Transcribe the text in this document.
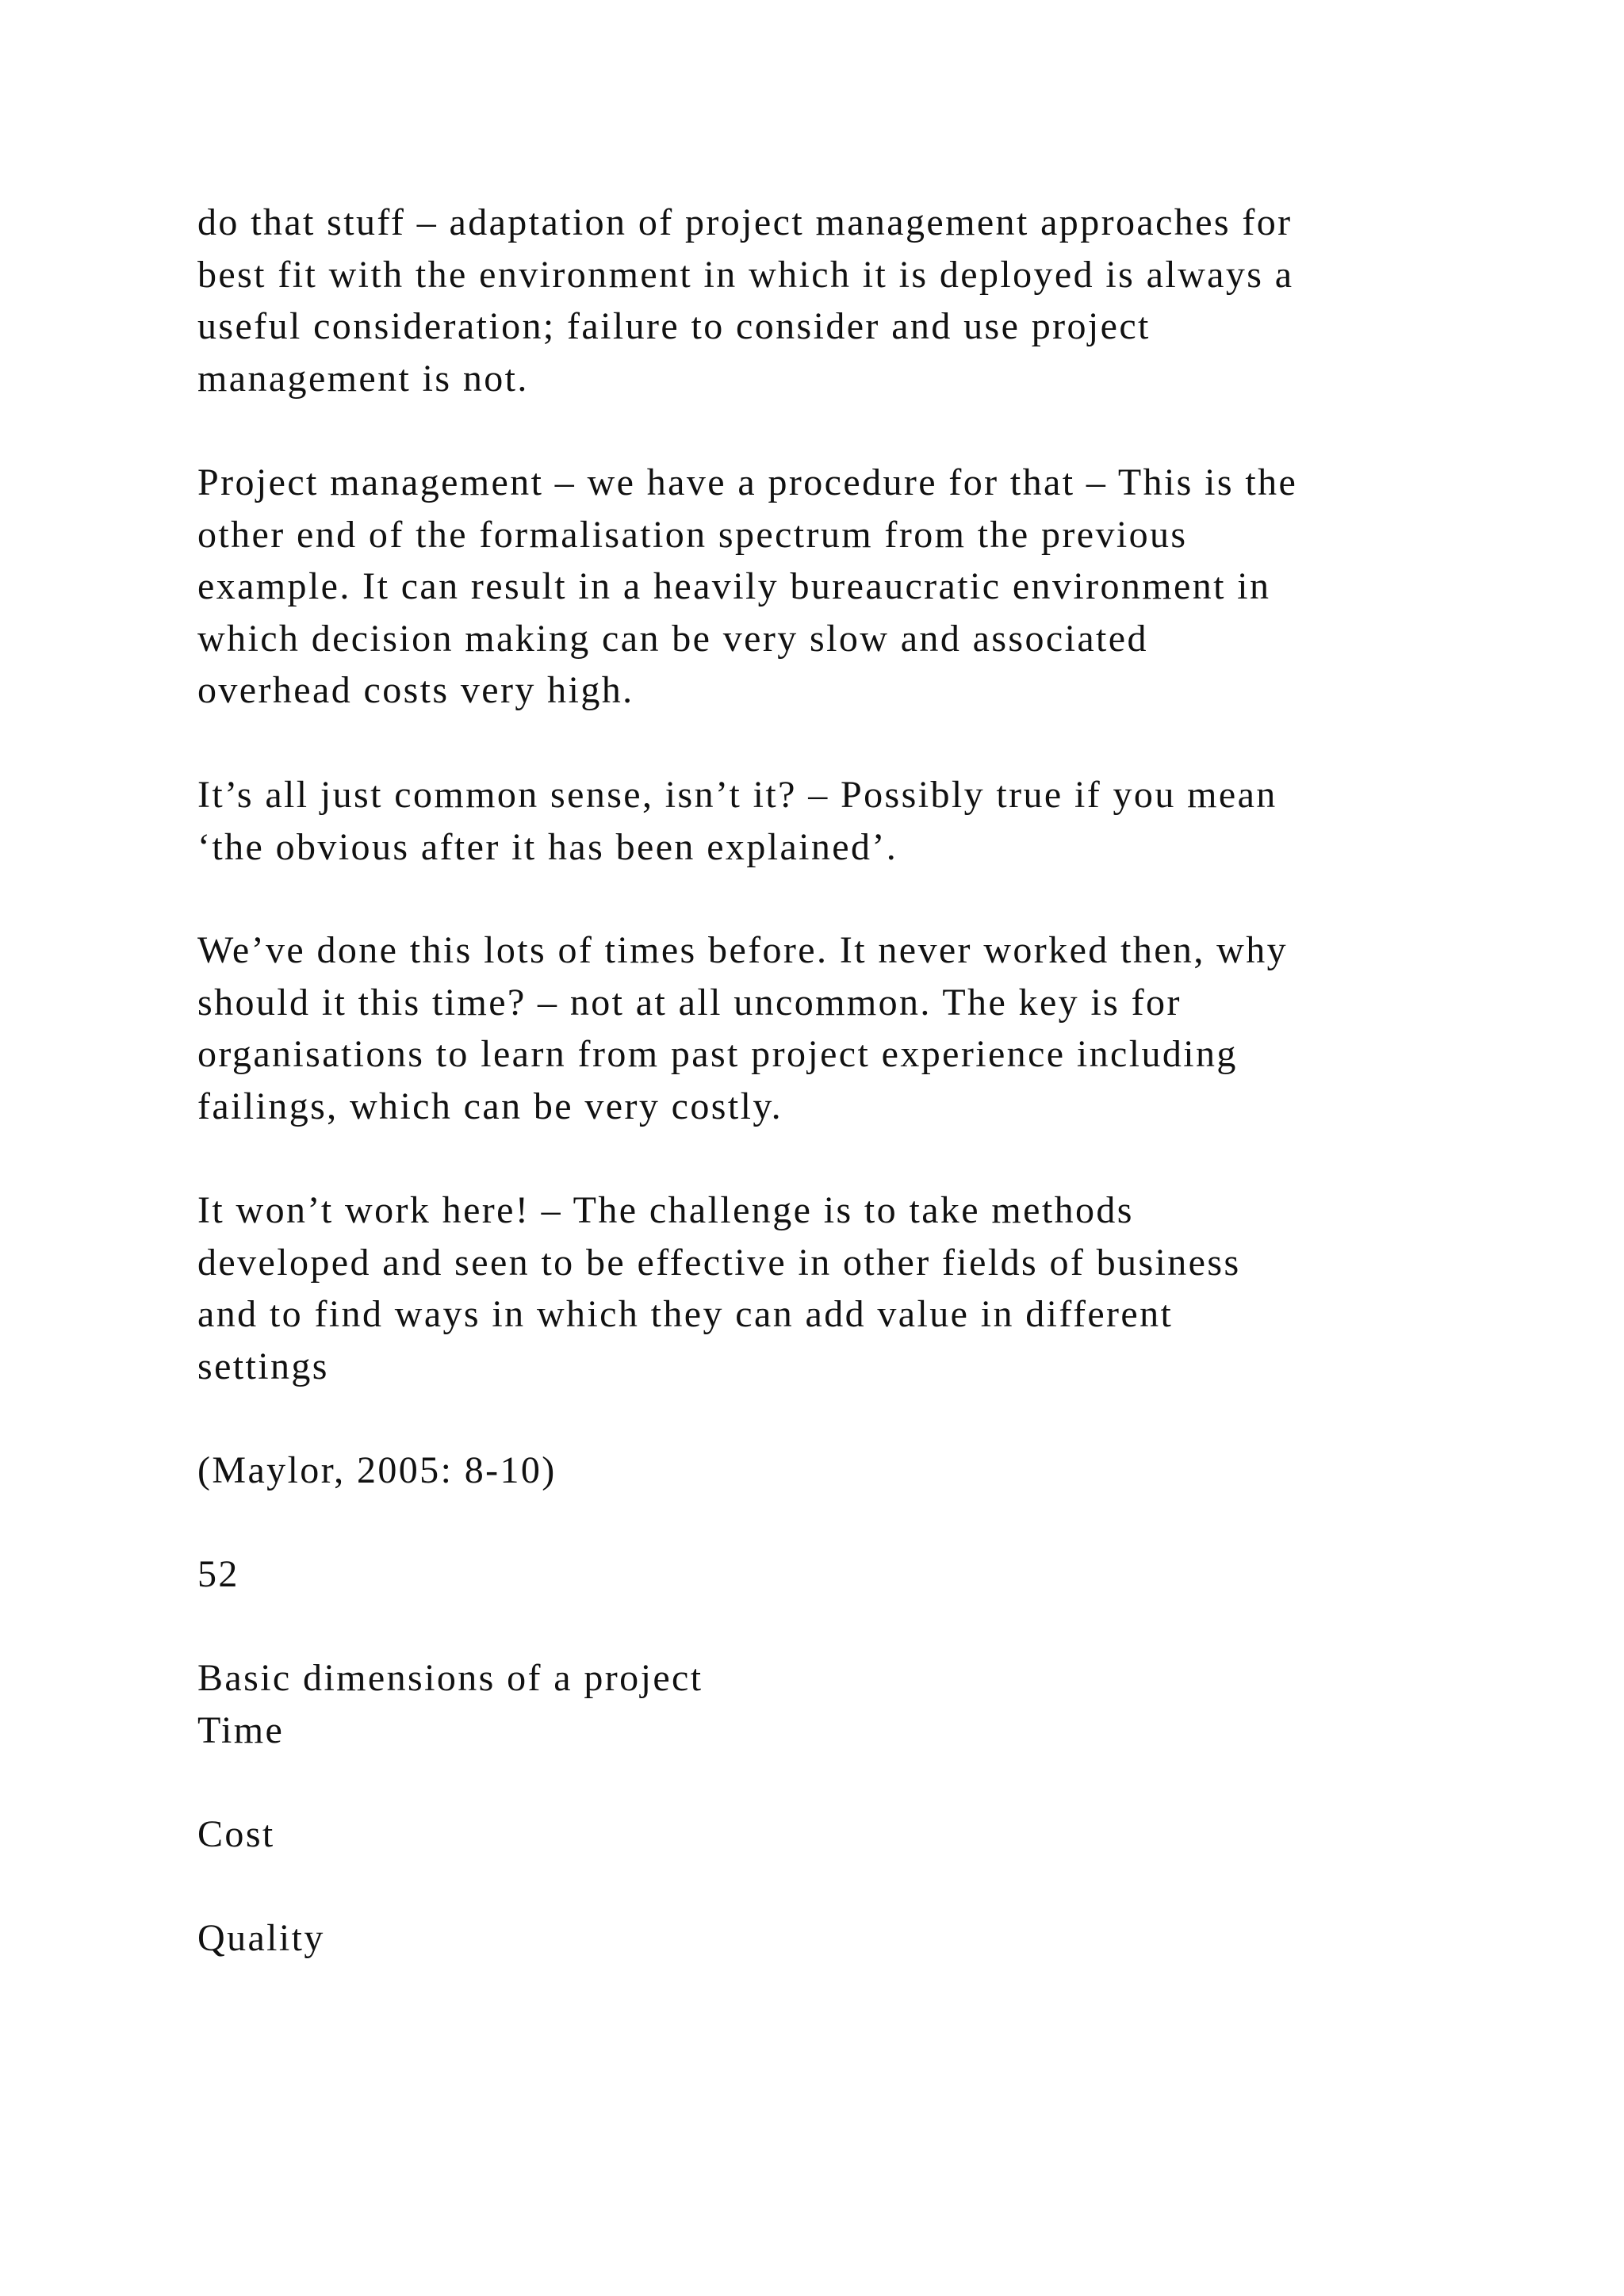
do that stuff – adaptation of project management approaches for
best fit with the environment in which it is deployed is always a
useful consideration; failure to consider and use project
management is not.

Project management – we have a procedure for that – This is the
other end of the formalisation spectrum from the previous
example. It can result in a heavily bureaucratic environment in
which decision making can be very slow and associated
overhead costs very high.

It’s all just common sense, isn’t it? – Possibly true if you mean
‘the obvious after it has been explained’.

We’ve done this lots of times before. It never worked then, why
should it this time? – not at all uncommon. The key is for
organisations to learn from past project experience including
failings, which can be very costly.

It won’t work here! – The challenge is to take methods
developed and seen to be effective in other fields of business
and to find ways in which they can add value in different
settings

(Maylor, 2005: 8-10)

52

Basic dimensions of a project
Time

Cost

Quality
